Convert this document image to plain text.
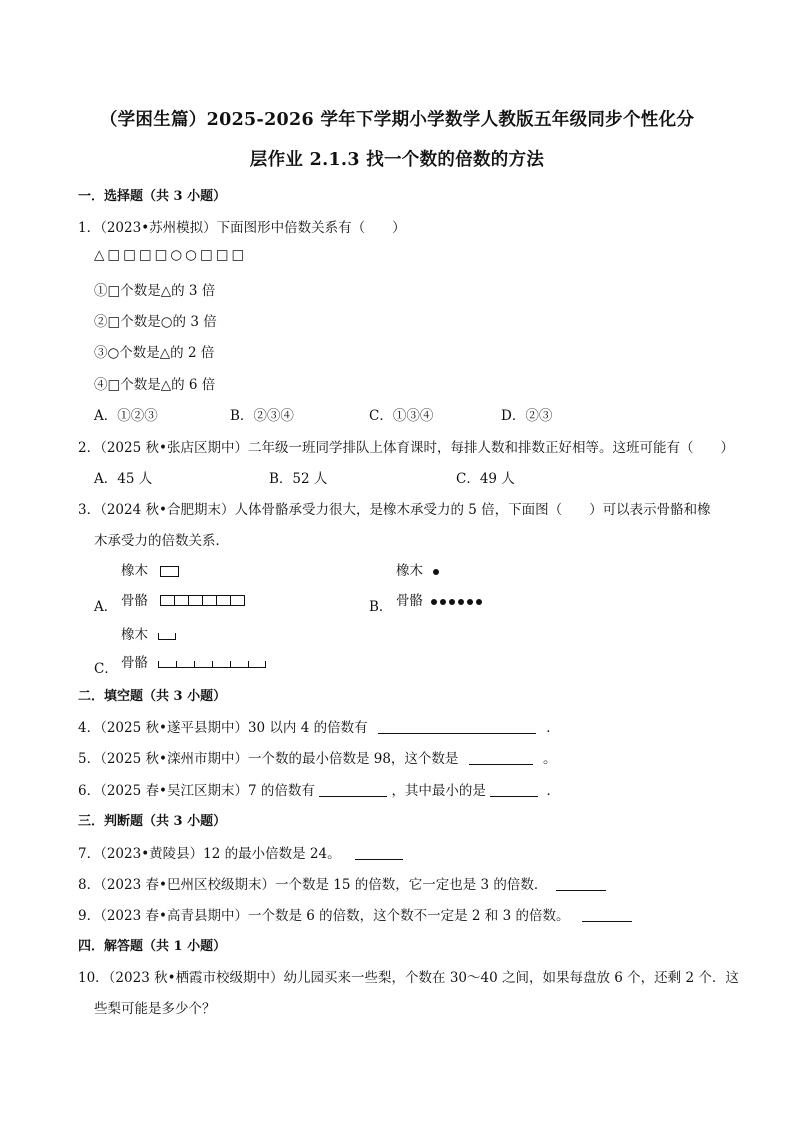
（学困生篇）2025-2026 学年下学期小学数学人教版五年级同步个性化分
层作业 2.1.3 找一个数的倍数的方法
一．选择题（共 3 小题）
1．（2023•苏州模拟）下面图形中倍数关系有（　　）
△□□□□○○□□□
①□个数是△的 3 倍
②□个数是○的 3 倍
③○个数是△的 2 倍
④□个数是△的 6 倍
A．①②③	B．②③④	C．①③④	D．②③
2．（2025 秋•张店区期中）二年级一班同学排队上体育课时，每排人数和排数正好相等。这班可能有（　　）
A．45 人	B．52 人	C．49 人
3．（2024 秋•合肥期末）人体骨骼承受力很大，是橡木承受力的 5 倍，下面图（　　）可以表示骨骼和橡
木承受力的倍数关系．
橡木
A． 骨骼
橡木
B． 骨骼
橡木
C． 骨骼
二．填空题（共 3 小题）
4．（2025 秋•遂平县期中）30 以内 4 的倍数有	．
5．（2025 秋•滦州市期中）一个数的最小倍数是 98，这个数是	。
6．（2025 春•吴江区期末）7 的倍数有	，其中最小的是	．
三．判断题（共 3 小题）
7．（2023•黄陵县）12 的最小倍数是 24。
8．（2023 春•巴州区校级期末）一个数是 15 的倍数，它一定也是 3 的倍数．
9．（2023 春•高青县期中）一个数是 6 的倍数，这个数不一定是 2 和 3 的倍数。
四．解答题（共 1 小题）
10．（2023 秋•栖霞市校级期中）幼儿园买来一些梨，个数在 30～40 之间，如果每盘放 6 个，还剩 2 个．这
些梨可能是多少个？
